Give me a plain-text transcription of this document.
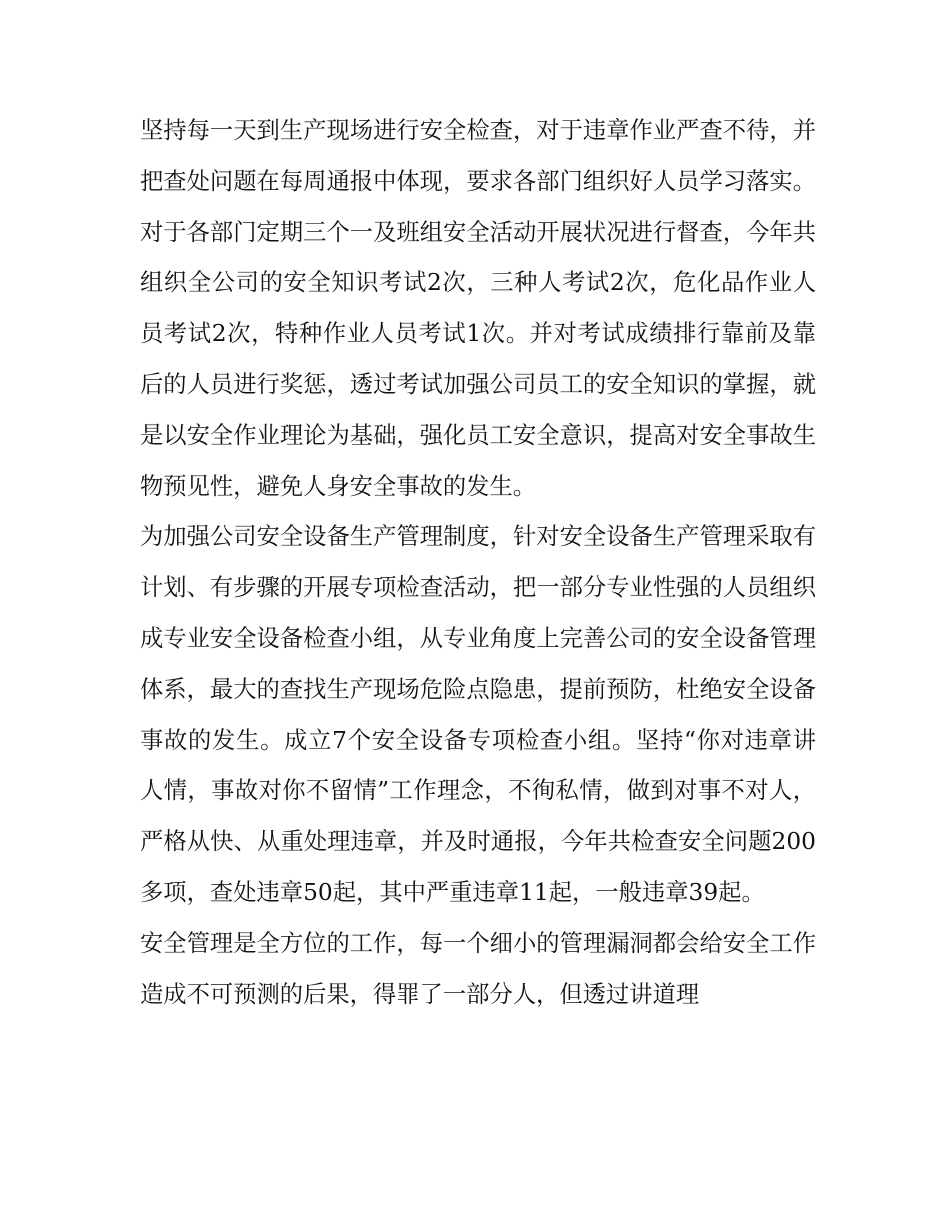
坚持每一天到生产现场进行安全检查，对于违章作业严查不待，并把查处问题在每周通报中体现，要求各部门组织好人员学习落实。对于各部门定期三个一及班组安全活动开展状况进行督查，今年共组织全公司的安全知识考试2次，三种人考试2次，危化品作业人员考试2次，特种作业人员考试1次。并对考试成绩排行靠前及靠后的人员进行奖惩，透过考试加强公司员工的安全知识的掌握，就是以安全作业理论为基础，强化员工安全意识，提高对安全事故生物预见性，避免人身安全事故的发生。

为加强公司安全设备生产管理制度，针对安全设备生产管理采取有计划、有步骤的开展专项检查活动，把一部分专业性强的人员组织成专业安全设备检查小组，从专业角度上完善公司的安全设备管理体系，最大的查找生产现场危险点隐患，提前预防，杜绝安全设备事故的发生。成立7个安全设备专项检查小组。坚持“你对违章讲人情，事故对你不留情”工作理念，不徇私情，做到对事不对人，严格从快、从重处理违章，并及时通报，今年共检查安全问题200多项，查处违章50起，其中严重违章11起，一般违章39起。

安全管理是全方位的工作，每一个细小的管理漏洞都会给安全工作造成不可预测的后果，得罪了一部分人，但透过讲道理
